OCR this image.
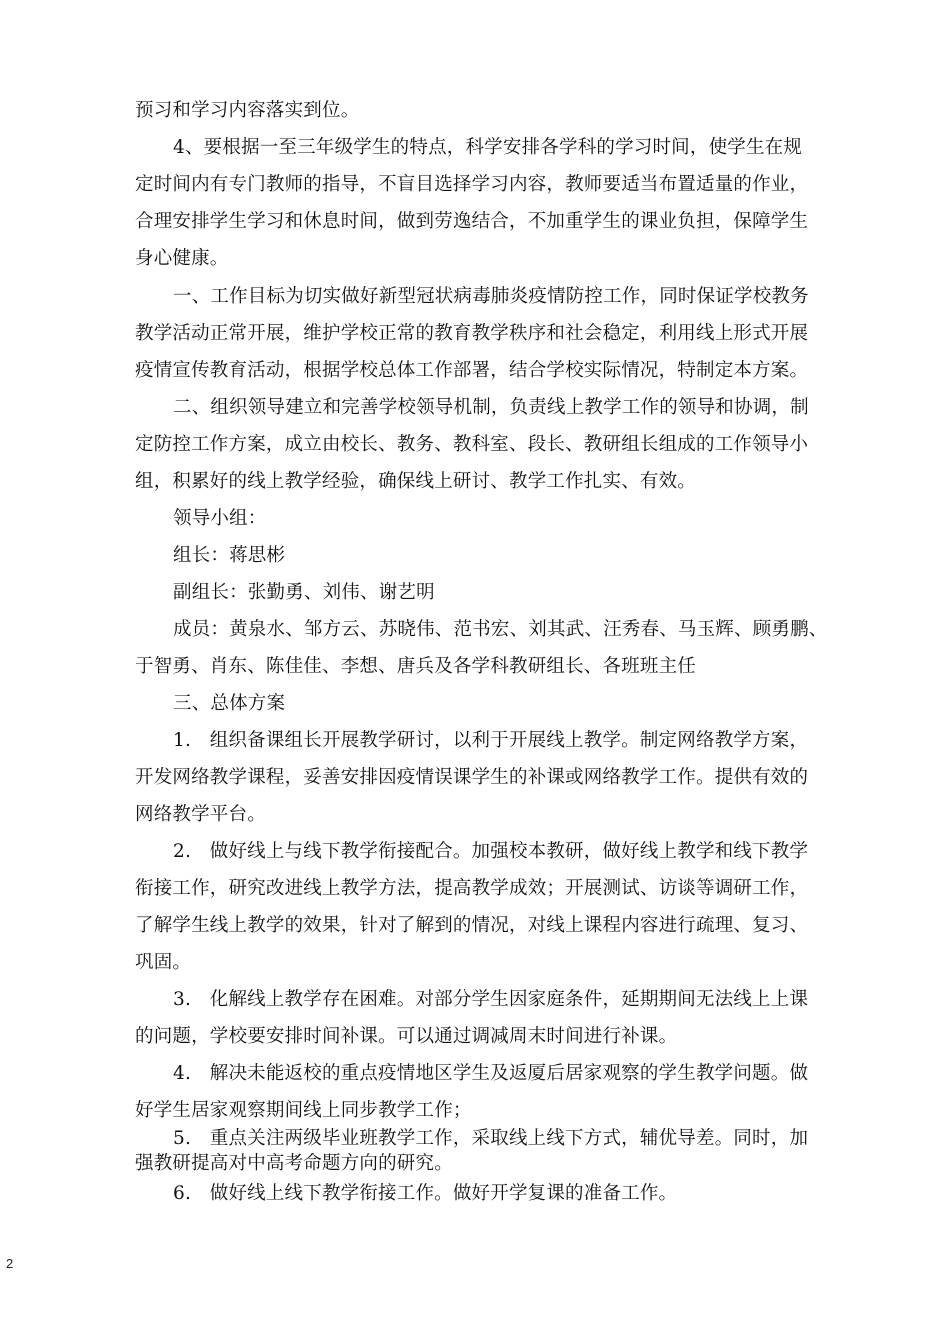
预习和学习内容落实到位。
4、要根据一至三年级学生的特点，科学安排各学科的学习时间，使学生在规
定时间内有专门教师的指导，不盲目选择学习内容，教师要适当布置适量的作业，
合理安排学生学习和休息时间，做到劳逸结合，不加重学生的课业负担，保障学生
身心健康。
一、工作目标为切实做好新型冠状病毒肺炎疫情防控工作，同时保证学校教务
教学活动正常开展，维护学校正常的教育教学秩序和社会稳定，利用线上形式开展
疫情宣传教育活动，根据学校总体工作部署，结合学校实际情况，特制定本方案。
二、组织领导建立和完善学校领导机制，负责线上教学工作的领导和协调，制
定防控工作方案，成立由校长、教务、教科室、段长、教研组长组成的工作领导小
组，积累好的线上教学经验，确保线上研讨、教学工作扎实、有效。
领导小组：
组长：蒋思彬
副组长：张勤勇、刘伟、谢艺明
成员：黄泉水、邹方云、苏晓伟、范书宏、刘其武、汪秀春、马玉辉、顾勇鹏、
于智勇、肖东、陈佳佳、李想、唐兵及各学科教研组长、各班班主任
三、总体方案
1.　组织备课组长开展教学研讨，以利于开展线上教学。制定网络教学方案，
开发网络教学课程，妥善安排因疫情误课学生的补课或网络教学工作。提供有效的
网络教学平台。
2.　做好线上与线下教学衔接配合。加强校本教研，做好线上教学和线下教学
衔接工作，研究改进线上教学方法，提高教学成效；开展测试、访谈等调研工作，
了解学生线上教学的效果，针对了解到的情况，对线上课程内容进行疏理、复习、
巩固。
3.　化解线上教学存在困难。对部分学生因家庭条件，延期期间无法线上上课
的问题，学校要安排时间补课。可以通过调减周末时间进行补课。
4.　解决未能返校的重点疫情地区学生及返厦后居家观察的学生教学问题。做
好学生居家观察期间线上同步教学工作；
5.　重点关注两级毕业班教学工作，采取线上线下方式，辅优导差。同时，加
强教研提高对中高考命题方向的研究。
6.　做好线上线下教学衔接工作。做好开学复课的准备工作。
2
